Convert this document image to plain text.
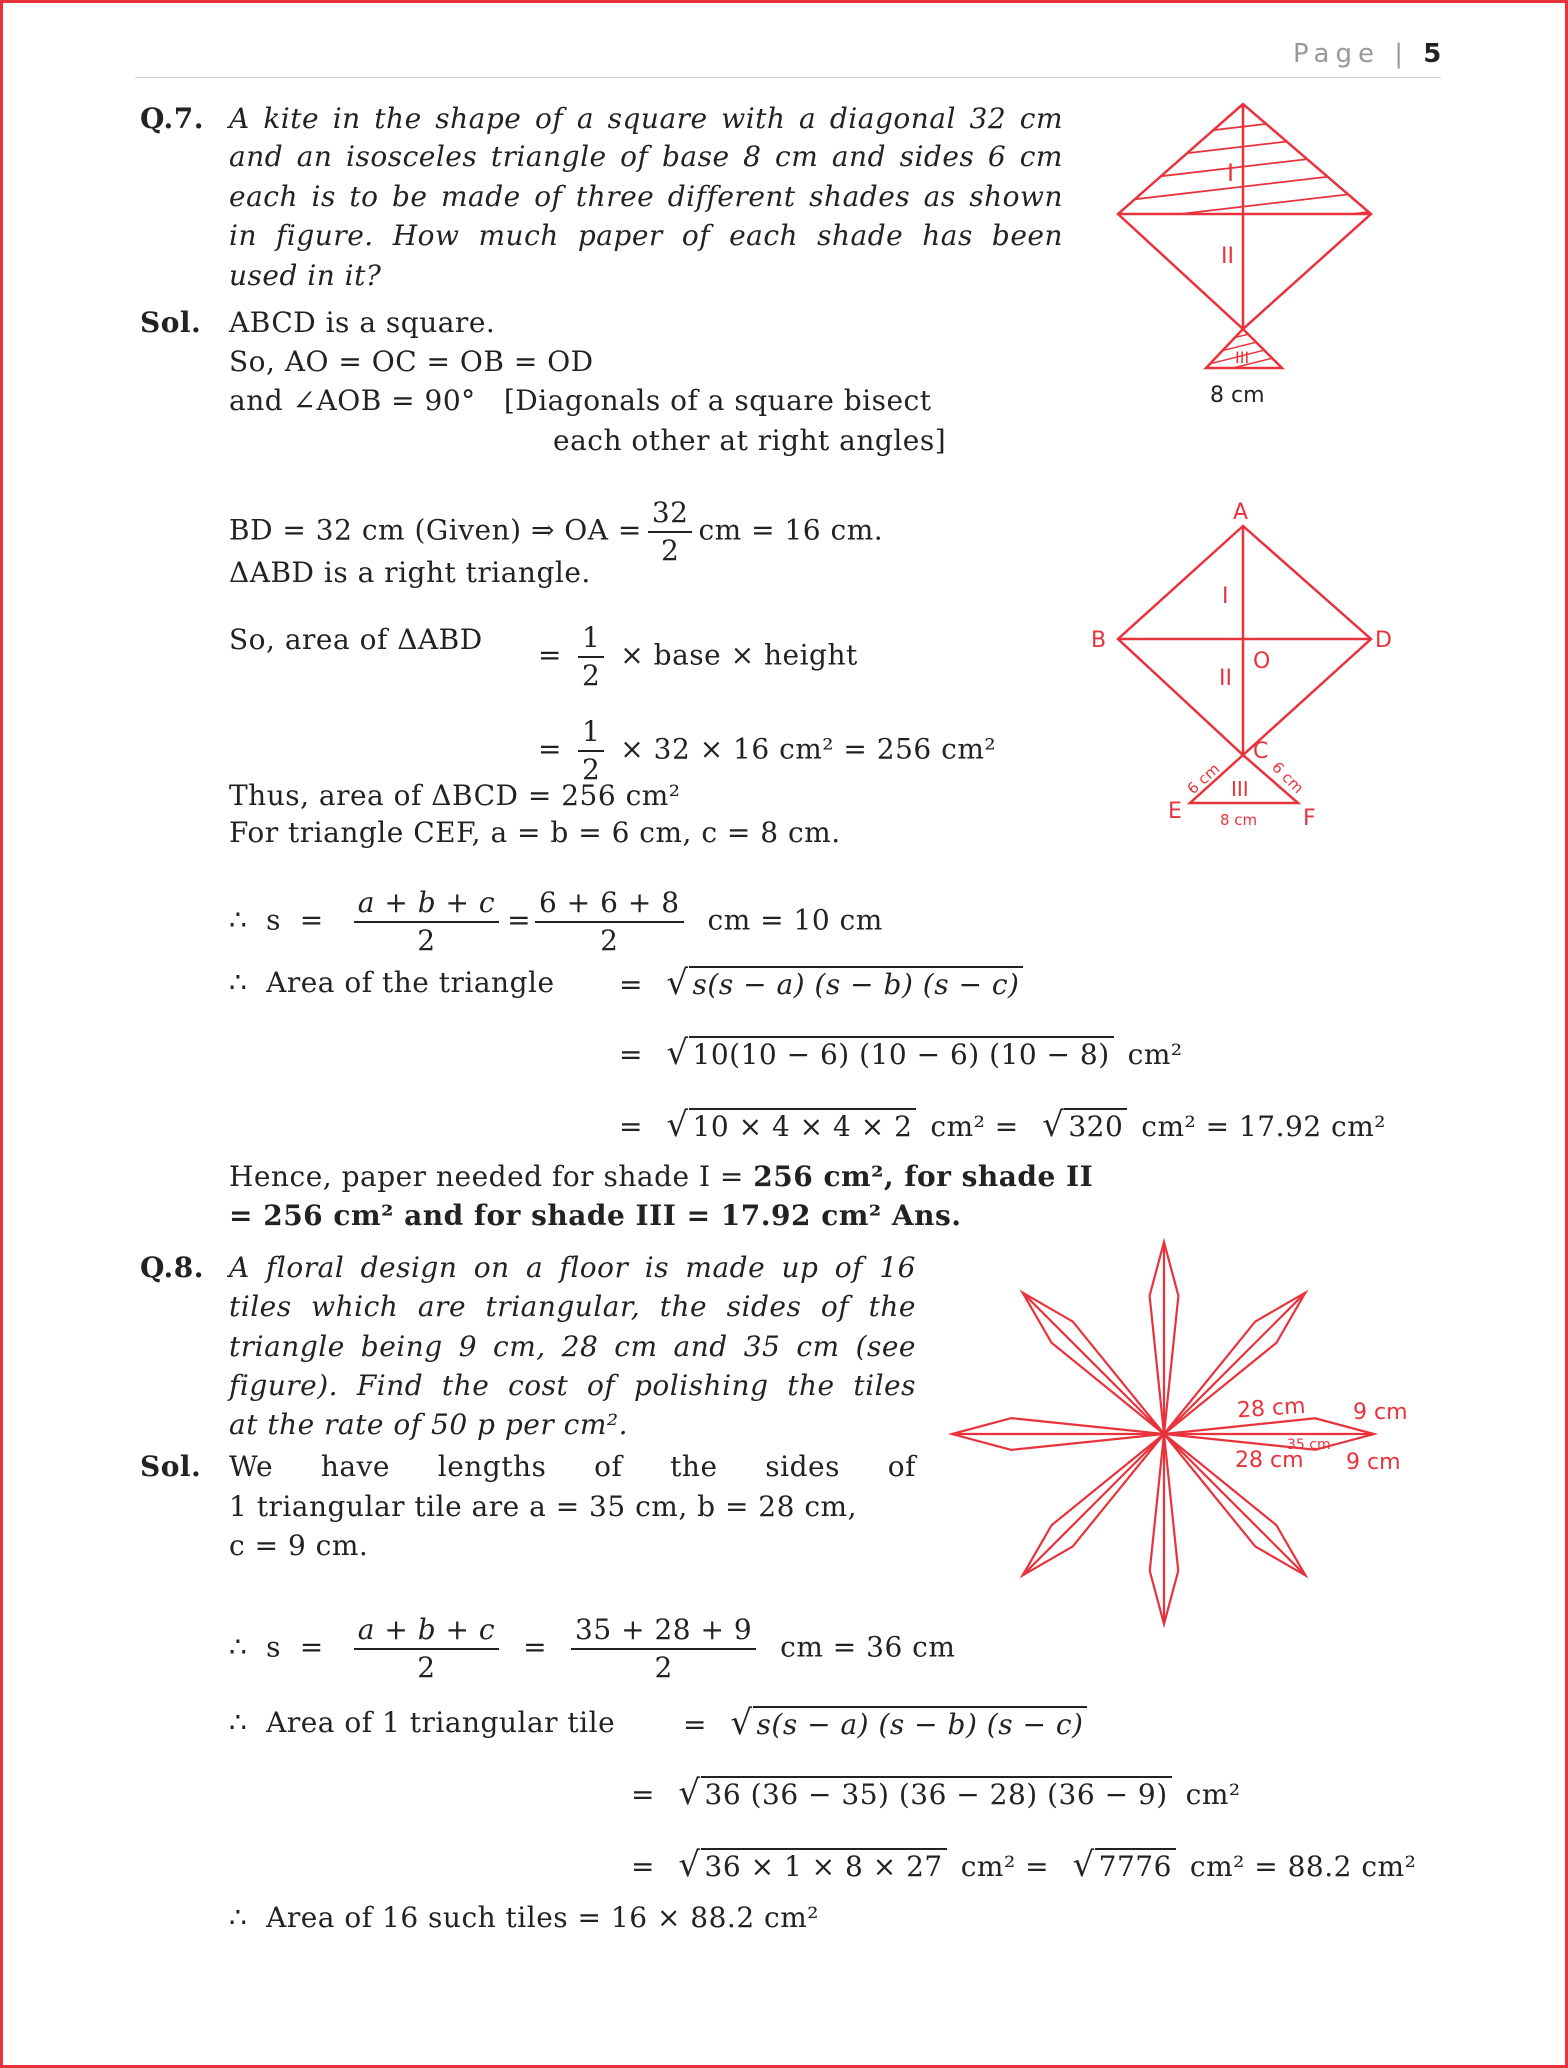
Page | 5
Q.7. A kite in the shape of a square with a diagonal 32 cm
and an isosceles triangle of base 8 cm and sides 6 cm
each is to be made of three different shades as shown
in figure. How much paper of each shade has been
used in it?
Sol. ABCD is a square.
So, AO = OC = OB = OD
and ∠AOB = 90°   [Diagonals of a square bisect
each other at right angles]
BD = 32 cm (Given) ⇒ OA = $\frac{32}{2}$ cm = 16 cm.
ΔABD is a right triangle.
So, area of $\Delta ABD = \frac{1}{2}$ × base × height
= $\frac{1}{2} \times 32 \times 16$ cm² = 256 cm²
Thus, area of ΔBCD = 256 cm²
For triangle CEF, a = b = 6 cm, c = 8 cm.
∴  $s = \frac{a + b + c}{2} = \frac{6 + 6 + 8}{2}$ cm = 10 cm
∴  Area of the triangle = √ s(s − a) (s − b) (s − c)
= √ 10(10 − 6) (10 − 6) (10 − 8) cm²
= √ 10 × 4 × 4 × 2 cm² = √ 320 cm² = 17.92 cm²
Hence, paper needed for shade I = 256 cm², for shade II
= 256 cm² and for shade III = 17.92 cm² Ans.
Q.8. A floral design on a floor is made up of 16
tiles which are triangular, the sides of the
triangle being 9 cm, 28 cm and 35 cm (see
figure). Find the cost of polishing the tiles
at the rate of 50 p per cm².
Sol. We have lengths of the sides of
1 triangular tile are a = 35 cm, b = 28 cm,
c = 9 cm.
∴  $s = \frac{a + b + c}{2} = \frac{35 + 28 + 9}{2}$ cm = 36 cm
∴  Area of 1 triangular tile = √ s(s − a) (s − b) (s − c)
= √ 36 (36 − 35) (36 − 28) (36 − 9) cm²
= √ 36 × 1 × 8 × 27 cm² = √ 7776 cm² = 88.2 cm²
∴  Area of 16 such tiles = 16 × 88.2 cm²
I
II
III
8 cm
A
B	D
O
C
E	F
I
II
III
8 cm
6 cm	6 cm
28 cm 9 cm
35 cm
28 cm 9 cm
